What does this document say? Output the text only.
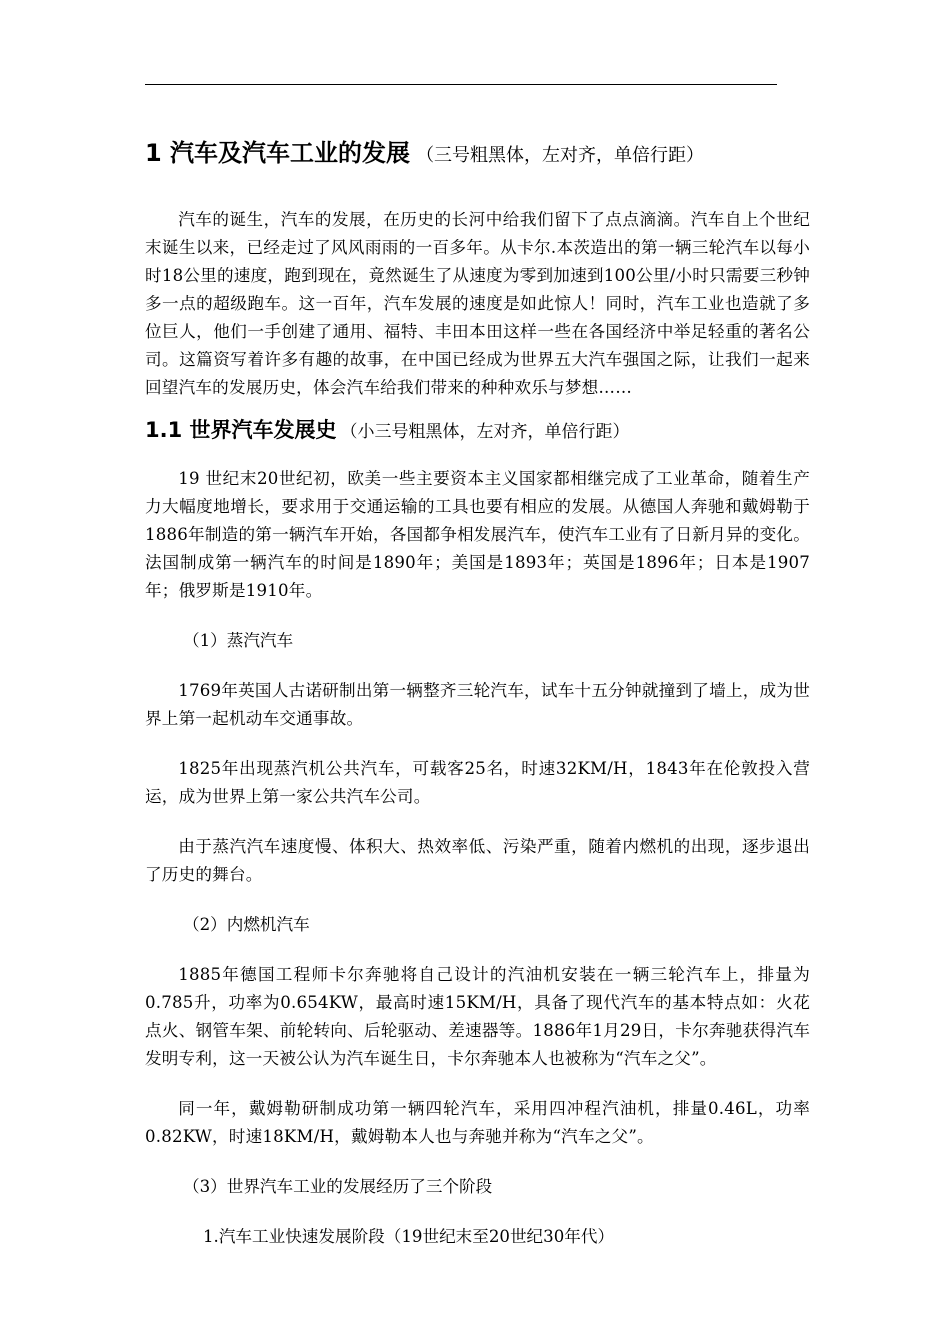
1 汽车及汽车工业的发展 （三号粗黑体，左对齐，单倍行距）

汽车的诞生，汽车的发展，在历史的长河中给我们留下了点点滴滴。汽车自上个世纪末诞生以来，已经走过了风风雨雨的一百多年。从卡尔.本茨造出的第一辆三轮汽车以每小时18公里的速度，跑到现在，竟然诞生了从速度为零到加速到100公里/小时只需要三秒钟多一点的超级跑车。这一百年，汽车发展的速度是如此惊人！同时，汽车工业也造就了多位巨人，他们一手创建了通用、福特、丰田本田这样一些在各国经济中举足轻重的著名公司。这篇资写着许多有趣的故事，在中国已经成为世界五大汽车强国之际，让我们一起来回望汽车的发展历史，体会汽车给我们带来的种种欢乐与梦想……

1.1 世界汽车发展史 （小三号粗黑体，左对齐，单倍行距）

19 世纪末20世纪初，欧美一些主要资本主义国家都相继完成了工业革命，随着生产力大幅度地增长，要求用于交通运输的工具也要有相应的发展。从德国人奔驰和戴姆勒于1886年制造的第一辆汽车开始，各国都争相发展汽车，使汽车工业有了日新月异的变化。法国制成第一辆汽车的时间是1890年；美国是1893年；英国是1896年；日本是1907年；俄罗斯是1910年。

（1）蒸汽汽车

1769年英国人古诺研制出第一辆整齐三轮汽车，试车十五分钟就撞到了墙上，成为世界上第一起机动车交通事故。

1825年出现蒸汽机公共汽车，可载客25名，时速32KM/H，1843年在伦敦投入营运，成为世界上第一家公共汽车公司。

由于蒸汽汽车速度慢、体积大、热效率低、污染严重，随着内燃机的出现，逐步退出了历史的舞台。

（2）内燃机汽车

1885年德国工程师卡尔奔驰将自己设计的汽油机安装在一辆三轮汽车上，排量为0.785升，功率为0.654KW，最高时速15KM/H，具备了现代汽车的基本特点如：火花点火、钢管车架、前轮转向、后轮驱动、差速器等。1886年1月29日，卡尔奔驰获得汽车发明专利，这一天被公认为汽车诞生日，卡尔奔驰本人也被称为“汽车之父”。

同一年，戴姆勒研制成功第一辆四轮汽车，采用四冲程汽油机，排量0.46L，功率0.82KW，时速18KM/H，戴姆勒本人也与奔驰并称为“汽车之父”。

（3）世界汽车工业的发展经历了三个阶段

1.汽车工业快速发展阶段（19世纪末至20世纪30年代）
